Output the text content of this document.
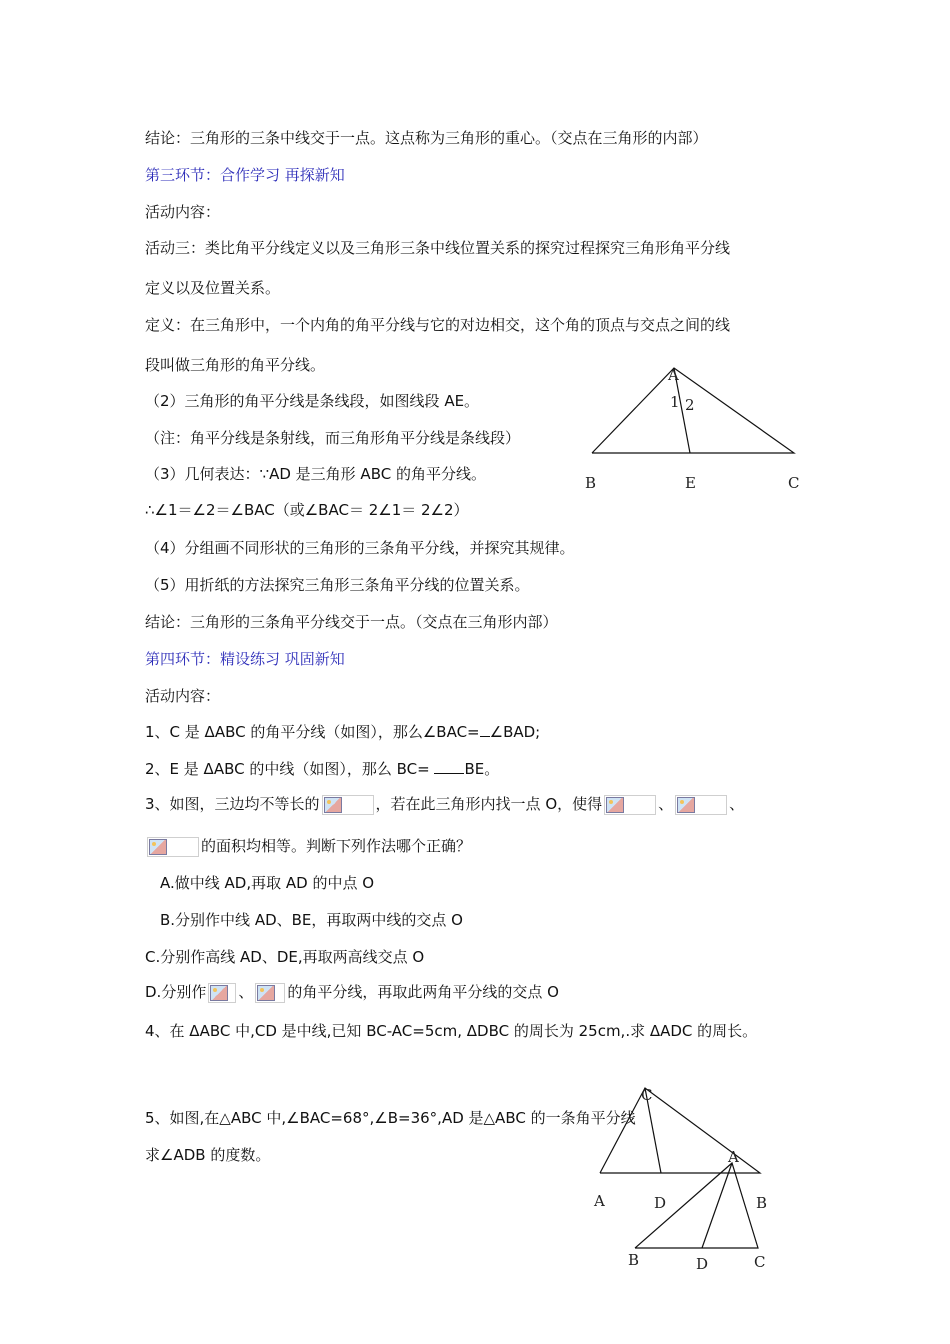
结论：三角形的三条中线交于一点。这点称为三角形的重心。（交点在三角形的内部）
第三环节：合作学习 再探新知
活动内容：
活动三：类比角平分线定义以及三角形三条中线位置关系的探究过程探究三角形角平分线
定义以及位置关系。
定义：在三角形中，一个内角的角平分线与它的对边相交，这个角的顶点与交点之间的线
段叫做三角形的角平分线。
（2）三角形的角平分线是条线段，如图线段 AE。
（注：角平分线是条射线，而三角形角平分线是条线段）
（3）几何表达：∵AD 是三角形 ABC 的角平分线。
∴∠1＝∠2＝∠BAC（或∠BAC＝ 2∠1＝ 2∠2）
（4）分组画不同形状的三角形的三条角平分线，并探究其规律。
（5）用折纸的方法探究三角形三条角平分线的位置关系。
结论：三角形的三条角平分线交于一点。（交点在三角形内部）
第四环节：精设练习 巩固新知
活动内容：
1、C 是 ΔABC 的角平分线（如图），那么∠BAC= ∠BAD;
2、E 是 ΔABC 的中线（如图），那么 BC= BE。
3、如图，三边均不等长的	，若在此三角形内找一点 O，使得	、	、
的面积均相等。判断下列作法哪个正确？
A.做中线 AD,再取 AD 的中点 O
B.分别作中线 AD、BE，再取两中线的交点 O
C.分别作高线 AD、DE,再取两高线交点 O
D.分别作 、 的角平分线，再取此两角平分线的交点 O
4、在 ΔABC 中,CD 是中线,已知 BC-AC=5cm, ΔDBC 的周长为 25cm,.求 ΔADC 的周长。
5、如图,在△ABC 中,∠BAC=68°,∠B=36°,AD 是△ABC 的一条角平分线
求∠ADB 的度数。
A
1 2
B	E	C
C
A	D	B
A
B	D	C
